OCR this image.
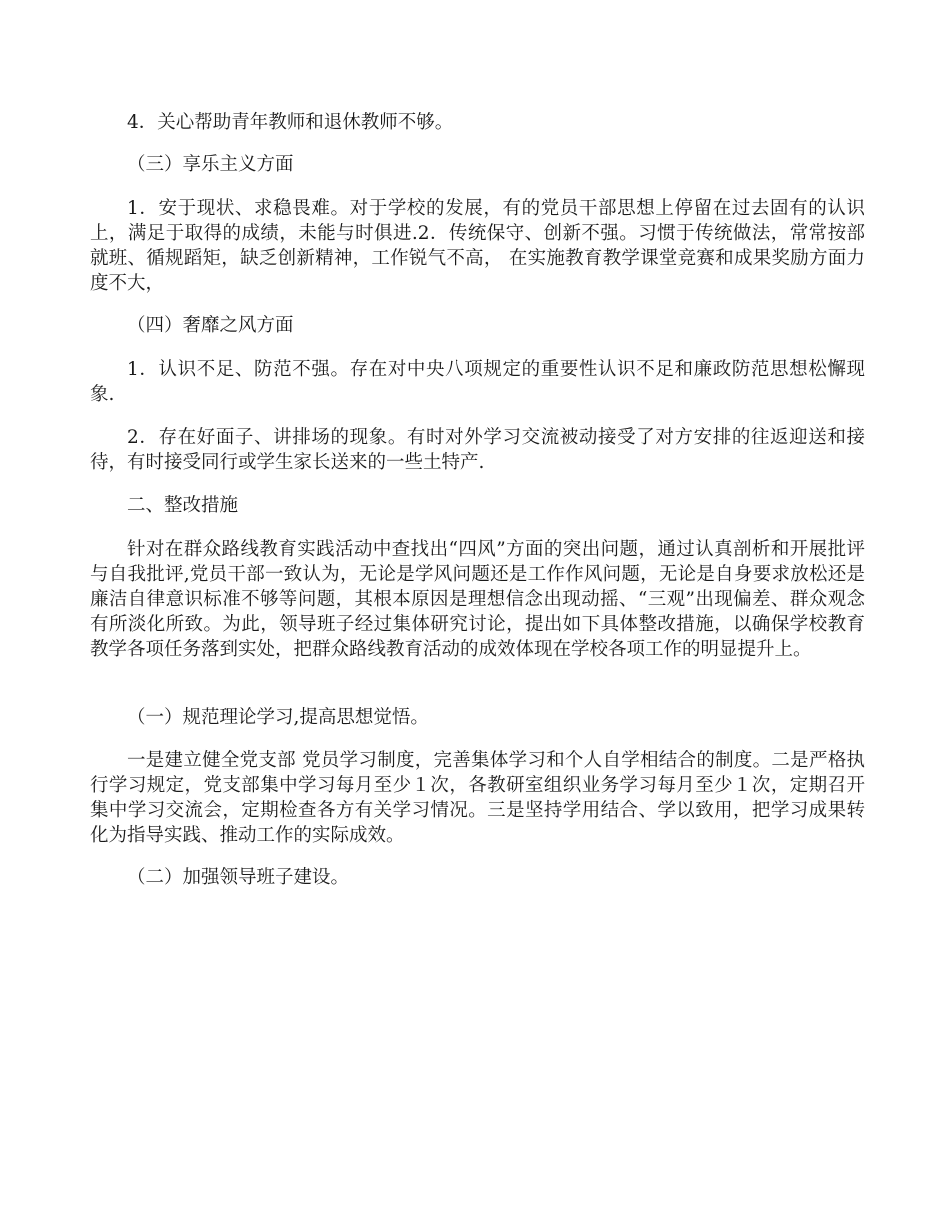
4．关心帮助青年教师和退休教师不够。

（三）享乐主义方面

1．安于现状、求稳畏难。对于学校的发展，有的党员干部思想上停留在过去固有的认识上，满足于取得的成绩，未能与时俱进.2．传统保守、创新不强。习惯于传统做法，常常按部就班、循规蹈矩，缺乏创新精神，工作锐气不高， 在实施教育教学课堂竞赛和成果奖励方面力度不大，

（四）奢靡之风方面

1．认识不足、防范不强。存在对中央八项规定的重要性认识不足和廉政防范思想松懈现象.

2．存在好面子、讲排场的现象。有时对外学习交流被动接受了对方安排的往返迎送和接待，有时接受同行或学生家长送来的一些土特产.

二、整改措施

针对在群众路线教育实践活动中查找出“四风”方面的突出问题，通过认真剖析和开展批评与自我批评,党员干部一致认为，无论是学风问题还是工作作风问题，无论是自身要求放松还是廉洁自律意识标准不够等问题，其根本原因是理想信念出现动摇、“三观”出现偏差、群众观念有所淡化所致。为此，领导班子经过集体研究讨论，提出如下具体整改措施，以确保学校教育教学各项任务落到实处，把群众路线教育活动的成效体现在学校各项工作的明显提升上。

（一）规范理论学习,提高思想觉悟。

一是建立健全党支部 党员学习制度，完善集体学习和个人自学相结合的制度。二是严格执行学习规定，党支部集中学习每月至少１次，各教研室组织业务学习每月至少１次，定期召开集中学习交流会，定期检查各方有关学习情况。三是坚持学用结合、学以致用，把学习成果转化为指导实践、推动工作的实际成效。

（二）加强领导班子建设。
